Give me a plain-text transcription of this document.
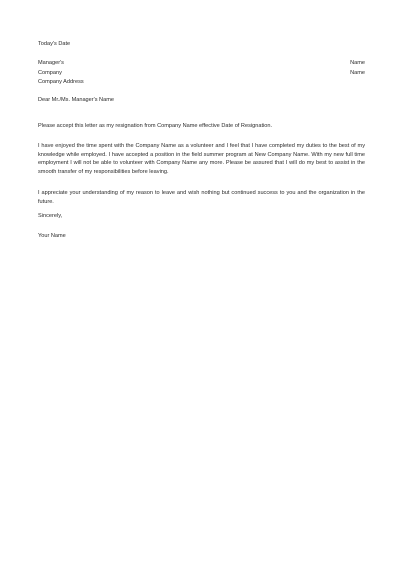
Today's Date
Manager's
Company
Company Address
Name
Name
Dear Mr./Ms. Manager's Name

Please accept this letter as my resignation from Company Name effective Date of Resignation.

I have enjoyed the time spent with the Company Name as a volunteer and I feel that I have completed my duties to the best of my knowledge while employed. I have accepted a position in the field summer program at New Company Name. With my new full time employment I will not be able to volunteer with Company Name any more. Please be assured that I will do my best to assist in the smooth transfer of my responsibilities before leaving.

I appreciate your understanding of my reason to leave and wish nothing but continued success to you and the organization in the future.

Sincerely,
Your Name
